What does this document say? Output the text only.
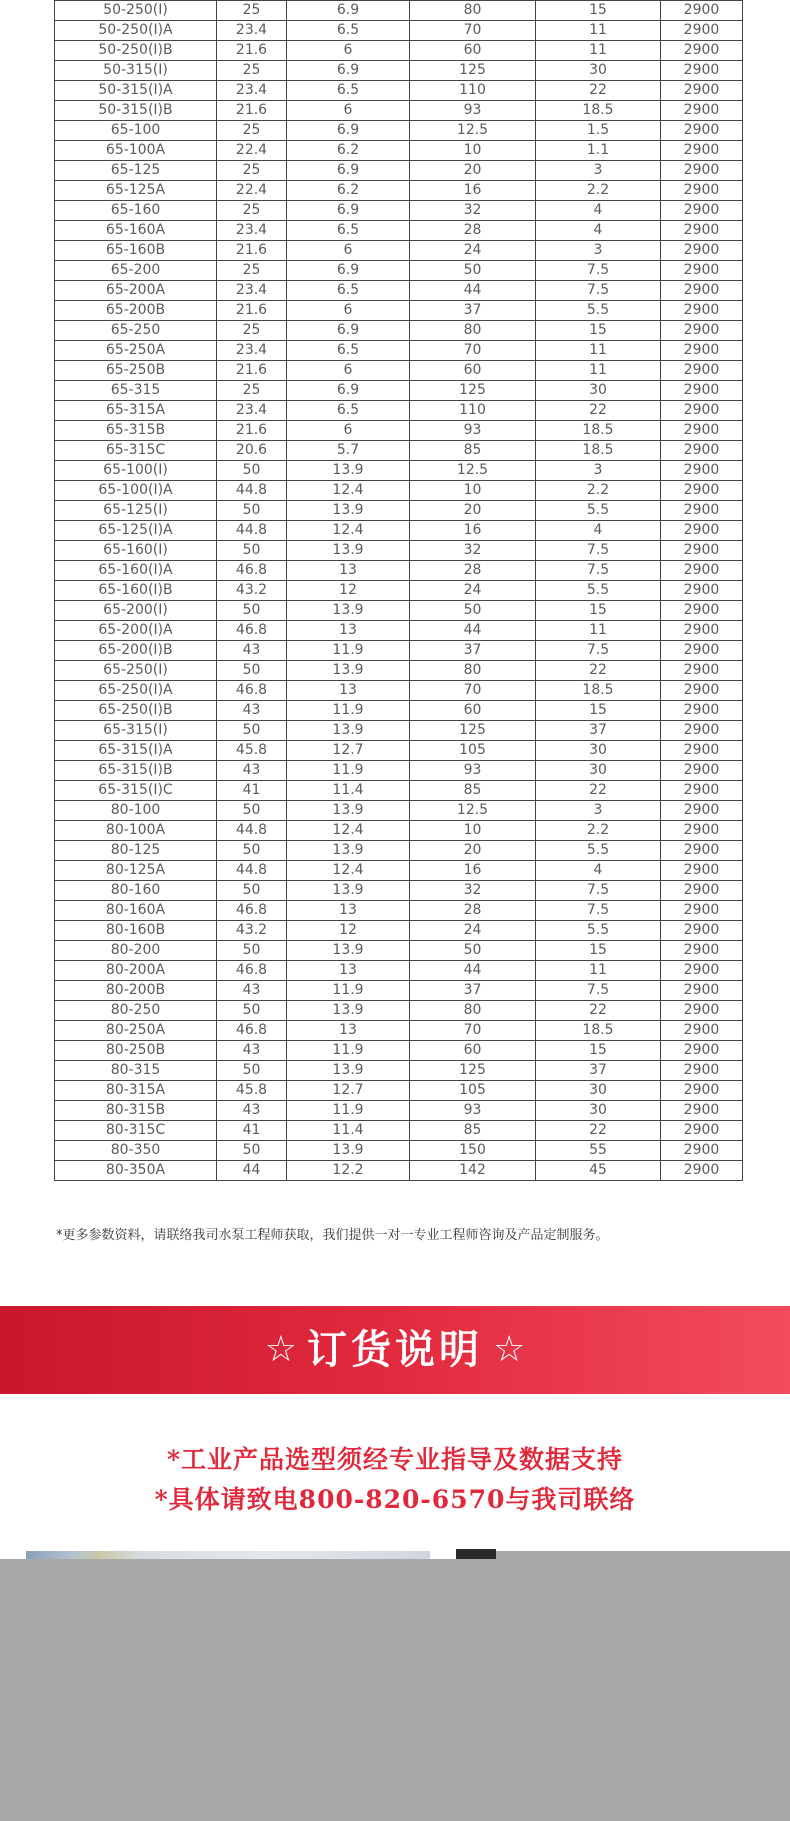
50-250(I)	25	6.9	80	15	2900
50-250(I)A	23.4	6.5	70	11	2900
50-250(I)B	21.6	6	60	11	2900
50-315(I)	25	6.9	125	30	2900
50-315(I)A	23.4	6.5	110	22	2900
50-315(I)B	21.6	6	93	18.5	2900
65-100	25	6.9	12.5	1.5	2900
65-100A	22.4	6.2	10	1.1	2900
65-125	25	6.9	20	3	2900
65-125A	22.4	6.2	16	2.2	2900
65-160	25	6.9	32	4	2900
65-160A	23.4	6.5	28	4	2900
65-160B	21.6	6	24	3	2900
65-200	25	6.9	50	7.5	2900
65-200A	23.4	6.5	44	7.5	2900
65-200B	21.6	6	37	5.5	2900
65-250	25	6.9	80	15	2900
65-250A	23.4	6.5	70	11	2900
65-250B	21.6	6	60	11	2900
65-315	25	6.9	125	30	2900
65-315A	23.4	6.5	110	22	2900
65-315B	21.6	6	93	18.5	2900
65-315C	20.6	5.7	85	18.5	2900
65-100(I)	50	13.9	12.5	3	2900
65-100(I)A	44.8	12.4	10	2.2	2900
65-125(I)	50	13.9	20	5.5	2900
65-125(I)A	44.8	12.4	16	4	2900
65-160(I)	50	13.9	32	7.5	2900
65-160(I)A	46.8	13	28	7.5	2900
65-160(I)B	43.2	12	24	5.5	2900
65-200(I)	50	13.9	50	15	2900
65-200(I)A	46.8	13	44	11	2900
65-200(I)B	43	11.9	37	7.5	2900
65-250(I)	50	13.9	80	22	2900
65-250(I)A	46.8	13	70	18.5	2900
65-250(I)B	43	11.9	60	15	2900
65-315(I)	50	13.9	125	37	2900
65-315(I)A	45.8	12.7	105	30	2900
65-315(I)B	43	11.9	93	30	2900
65-315(I)C	41	11.4	85	22	2900
80-100	50	13.9	12.5	3	2900
80-100A	44.8	12.4	10	2.2	2900
80-125	50	13.9	20	5.5	2900
80-125A	44.8	12.4	16	4	2900
80-160	50	13.9	32	7.5	2900
80-160A	46.8	13	28	7.5	2900
80-160B	43.2	12	24	5.5	2900
80-200	50	13.9	50	15	2900
80-200A	46.8	13	44	11	2900
80-200B	43	11.9	37	7.5	2900
80-250	50	13.9	80	22	2900
80-250A	46.8	13	70	18.5	2900
80-250B	43	11.9	60	15	2900
80-315	50	13.9	125	37	2900
80-315A	45.8	12.7	105	30	2900
80-315B	43	11.9	93	30	2900
80-315C	41	11.4	85	22	2900
80-350	50	13.9	150	55	2900
80-350A	44	12.2	142	45	2900
*更多参数资料，请联络我司水泵工程师获取，我们提供一对一专业工程师咨询及产品定制服务。
☆ 订货说明 ☆
*工业产品选型须经专业指导及数据支持
*具体请致电800-820-6570与我司联络
